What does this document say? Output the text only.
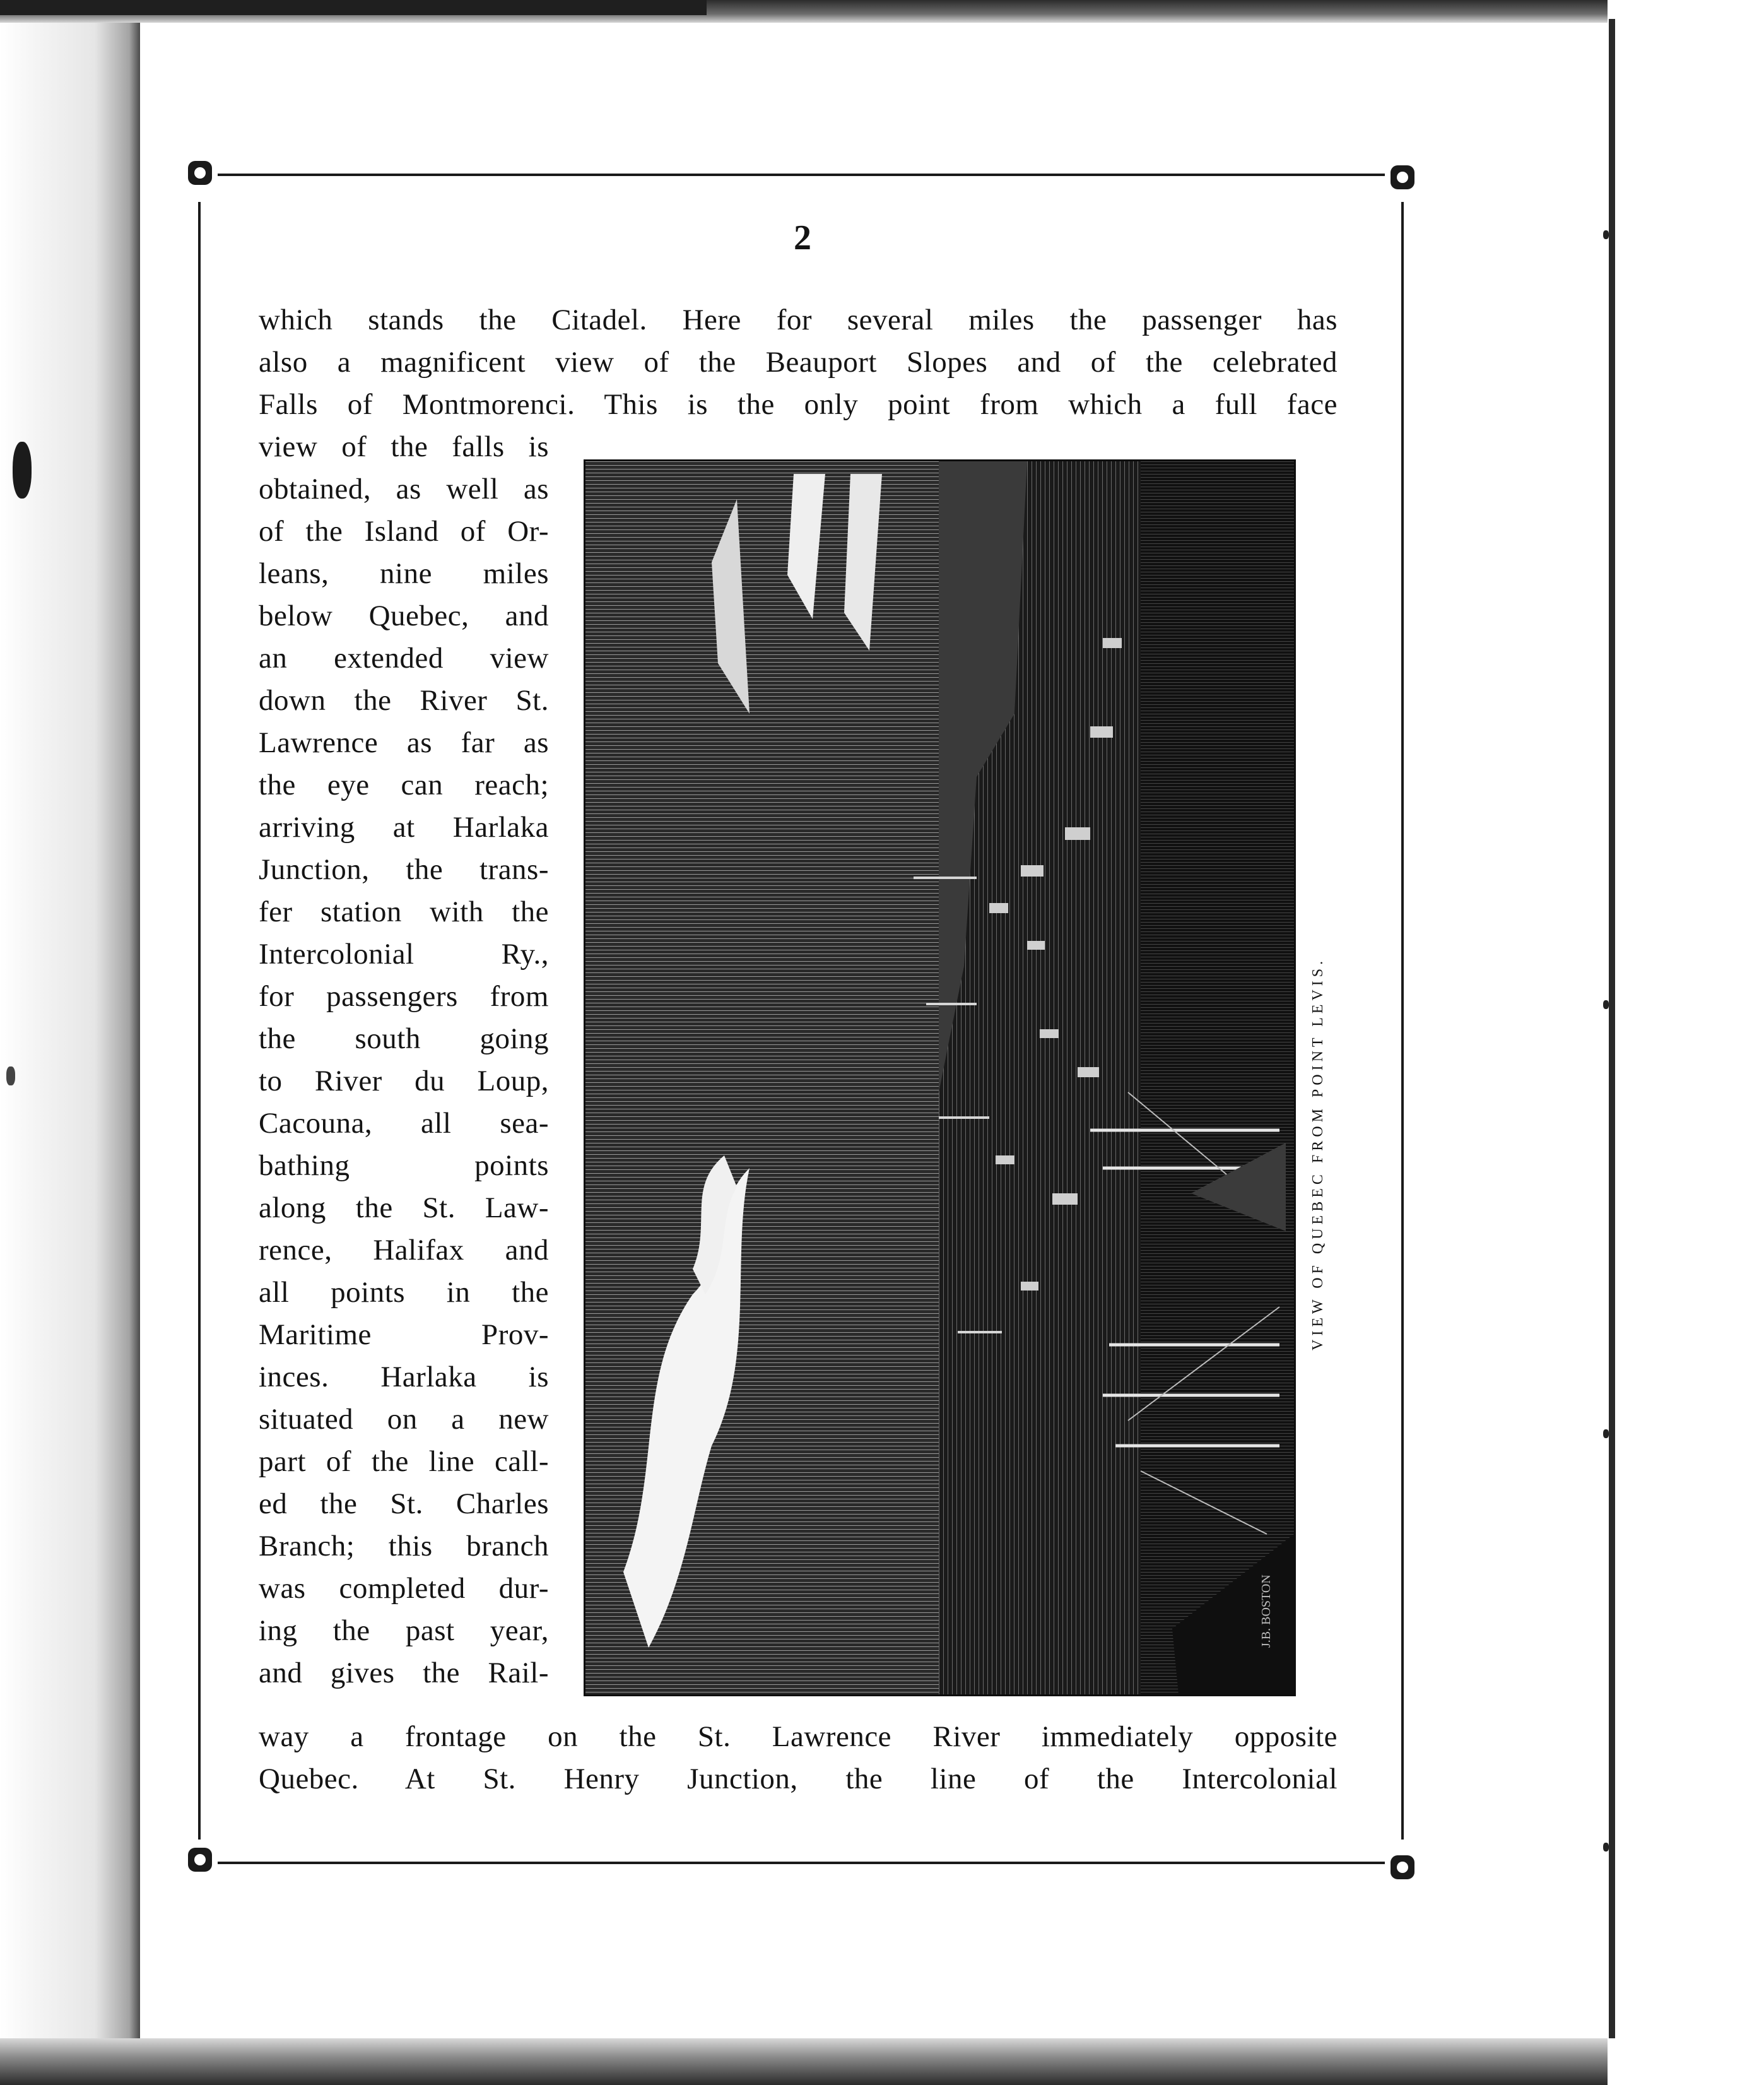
2
which stands the Citadel. Here for several miles the passenger has
also a magnificent view of the Beauport Slopes and of the celebrated
Falls of Montmorenci. This is the only point from which a full face
view of the falls is
obtained, as well as
of the Island of Or-
leans, nine miles
below Quebec, and
an extended view
down the River St.
Lawrence as far as
the eye can reach;
arriving at Harlaka
Junction, the trans-
fer station with the
Intercolonial Ry.,
for passengers from
the south going
to River du Loup,
Cacouna, all sea-
bathing points
along the St. Law-
rence, Halifax and
all points in the
Maritime Prov-
inces. Harlaka is
situated on a new
part of the line call-
ed the St. Charles
Branch; this branch
was completed dur-
ing the past year,
and gives the Rail-
way a frontage on the St. Lawrence River immediately opposite
Quebec. At St. Henry Junction, the line of the Intercolonial
J.B. BOSTON
VIEW OF QUEBEC FROM POINT LEVIS.
